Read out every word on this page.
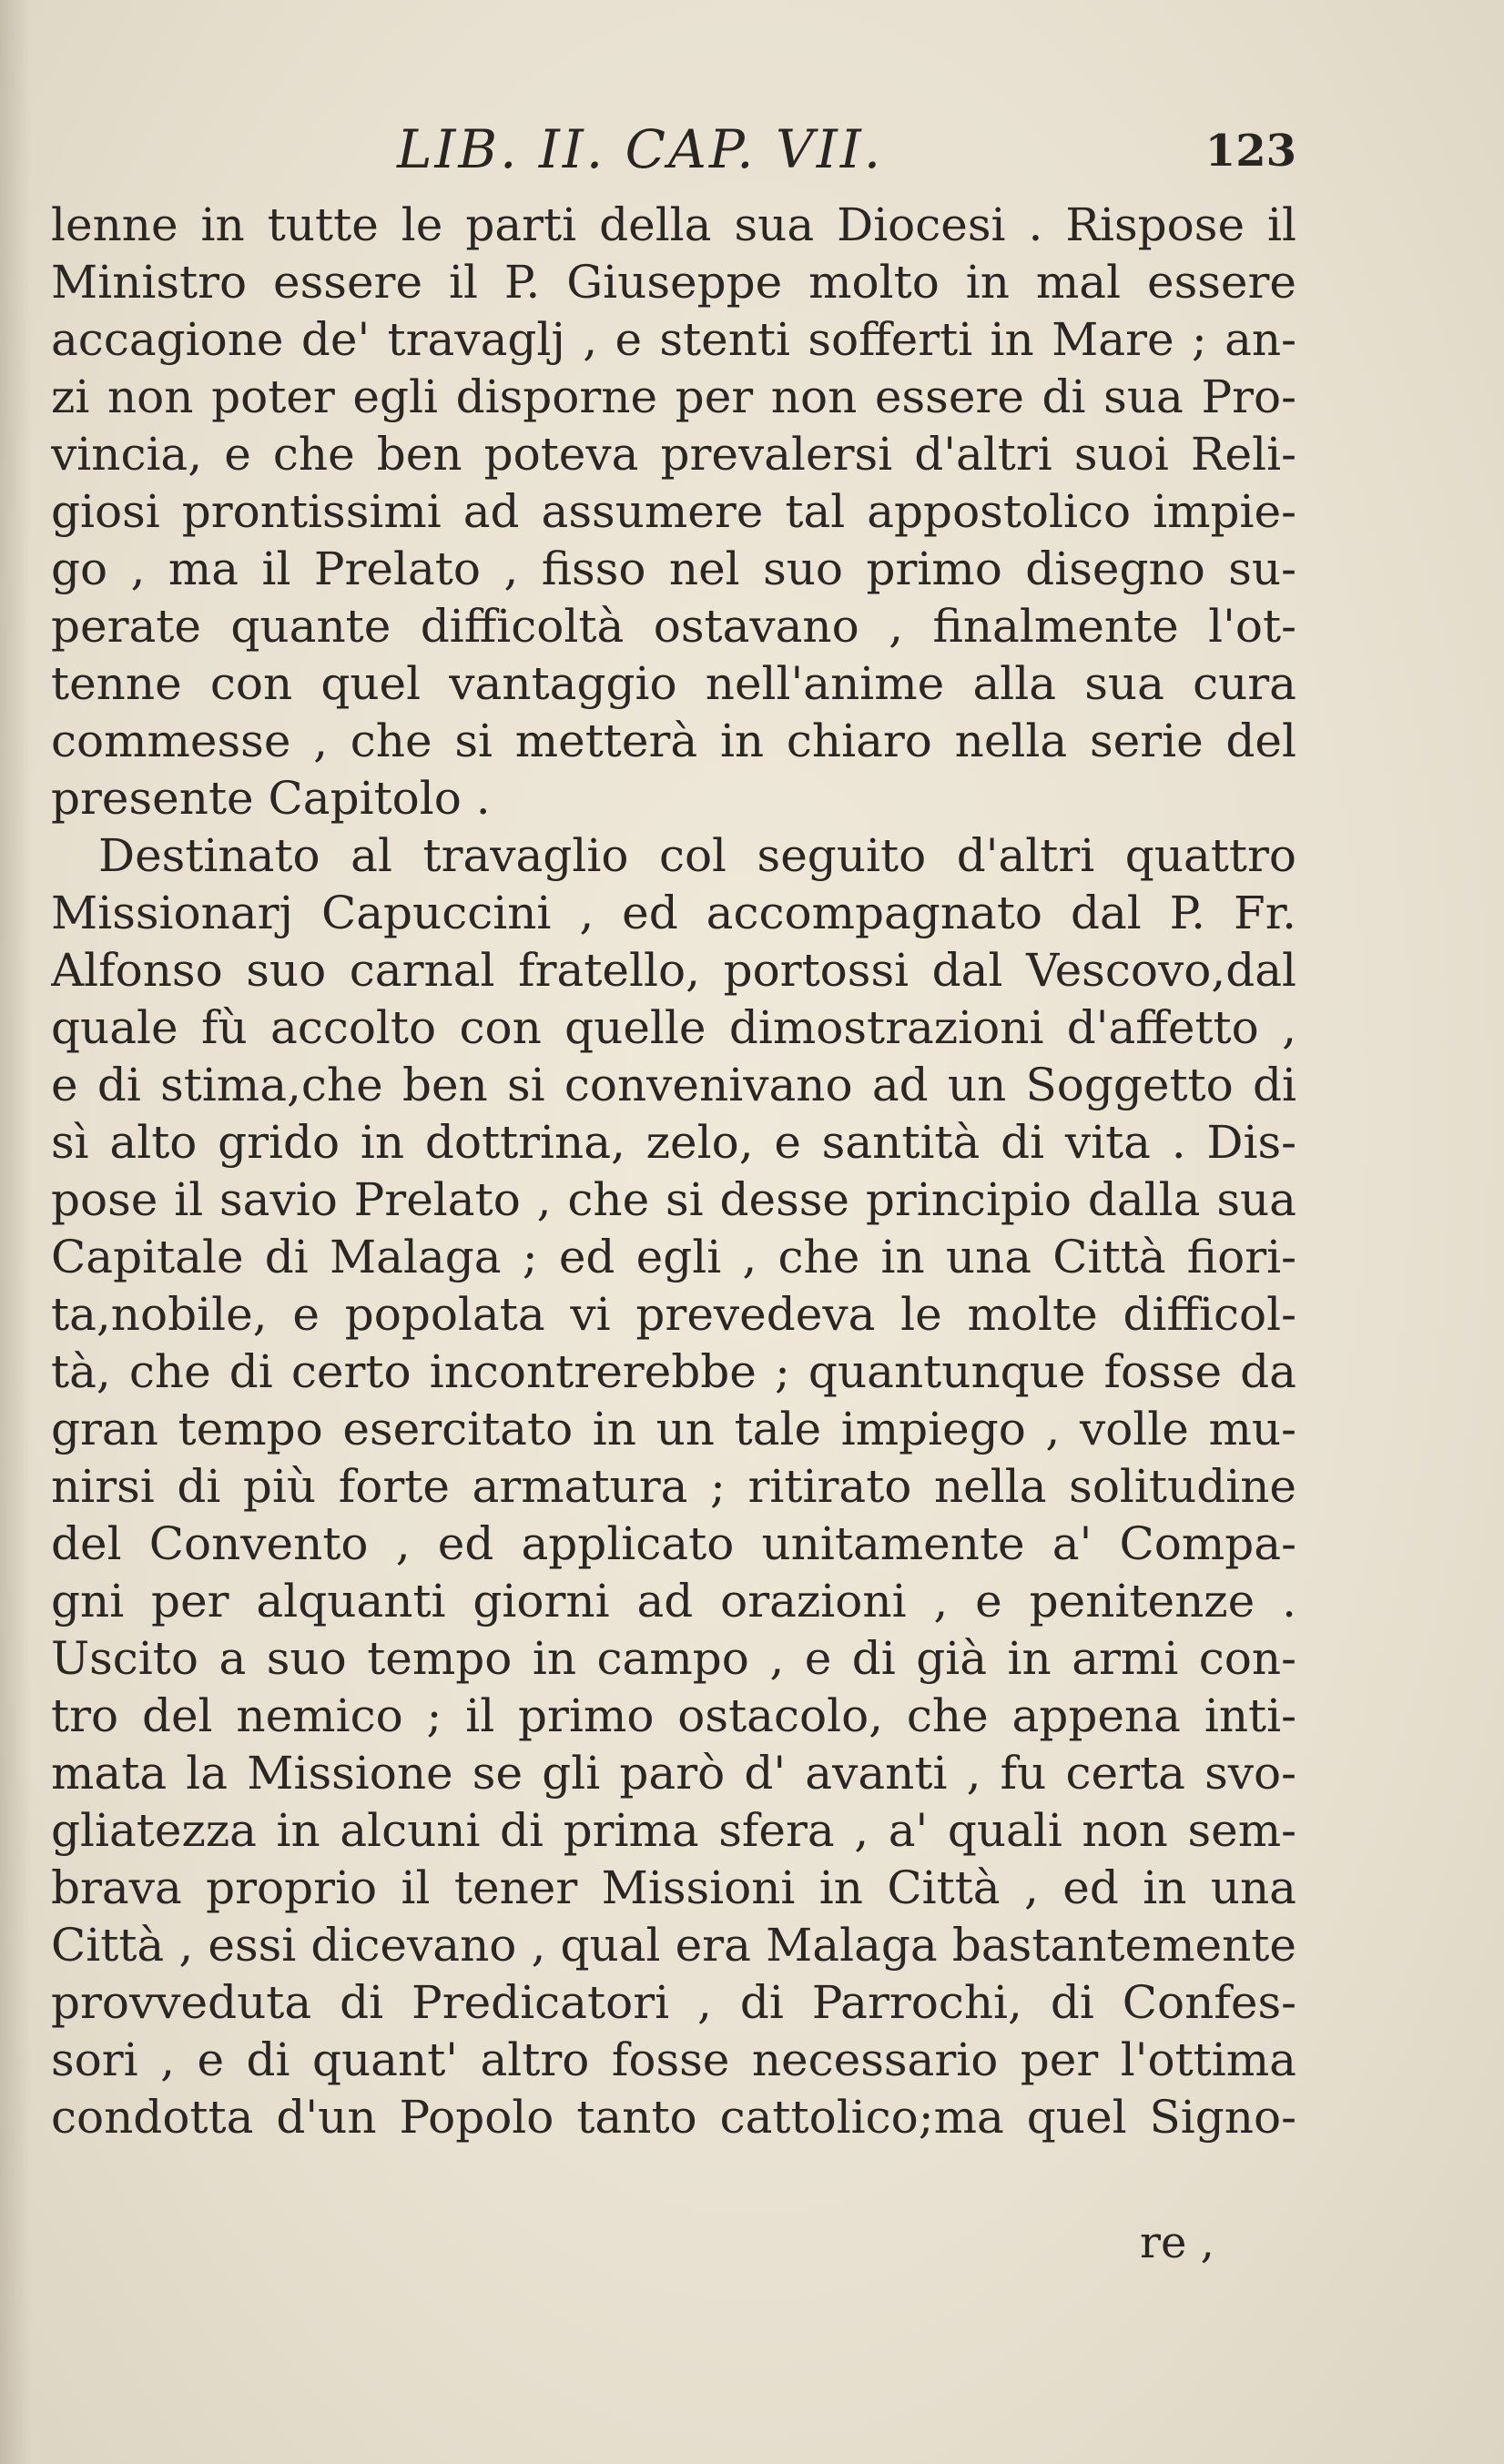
LIB. II. CAP. VII.	123
lenne in tutte le parti della sua Diocesi . Rispose il
Ministro essere il P. Giuseppe molto in mal essere
accagione de' travaglj , e stenti sofferti in Mare ; an-
zi non poter egli disporne per non essere di sua Pro-
vincia, e che ben poteva prevalersi d'altri suoi Reli-
giosi prontissimi ad assumere tal appostolico impie-
go , ma il Prelato , fisso nel suo primo disegno su-
perate quante difficoltà ostavano , finalmente l'ot-
tenne con quel vantaggio nell'anime alla sua cura
commesse , che si metterà in chiaro nella serie del
presente Capitolo .
Destinato al travaglio col seguito d'altri quattro
Missionarj Capuccini , ed accompagnato dal P. Fr.
Alfonso suo carnal fratello, portossi dal Vescovo,dal
quale fù accolto con quelle dimostrazioni d'affetto ,
e di stima,che ben si convenivano ad un Soggetto di
sì alto grido in dottrina, zelo, e santità di vita . Dis-
pose il savio Prelato , che si desse principio dalla sua
Capitale di Malaga ; ed egli , che in una Città fiori-
ta,nobile, e popolata vi prevedeva le molte difficol-
tà, che di certo incontrerebbe ; quantunque fosse da
gran tempo esercitato in un tale impiego , volle mu-
nirsi di più forte armatura ; ritirato nella solitudine
del Convento , ed applicato unitamente a' Compa-
gni per alquanti giorni ad orazioni , e penitenze .
Uscito a suo tempo in campo , e di già in armi con-
tro del nemico ; il primo ostacolo, che appena inti-
mata la Missione se gli parò d' avanti , fu certa svo-
gliatezza in alcuni di prima sfera , a' quali non sem-
brava proprio il tener Missioni in Città , ed in una
Città , essi dicevano , qual era Malaga bastantemente
provveduta di Predicatori , di Parrochi, di Confes-
sori , e di quant' altro fosse necessario per l'ottima
condotta d'un Popolo tanto cattolico;ma quel Signo-
re ,
